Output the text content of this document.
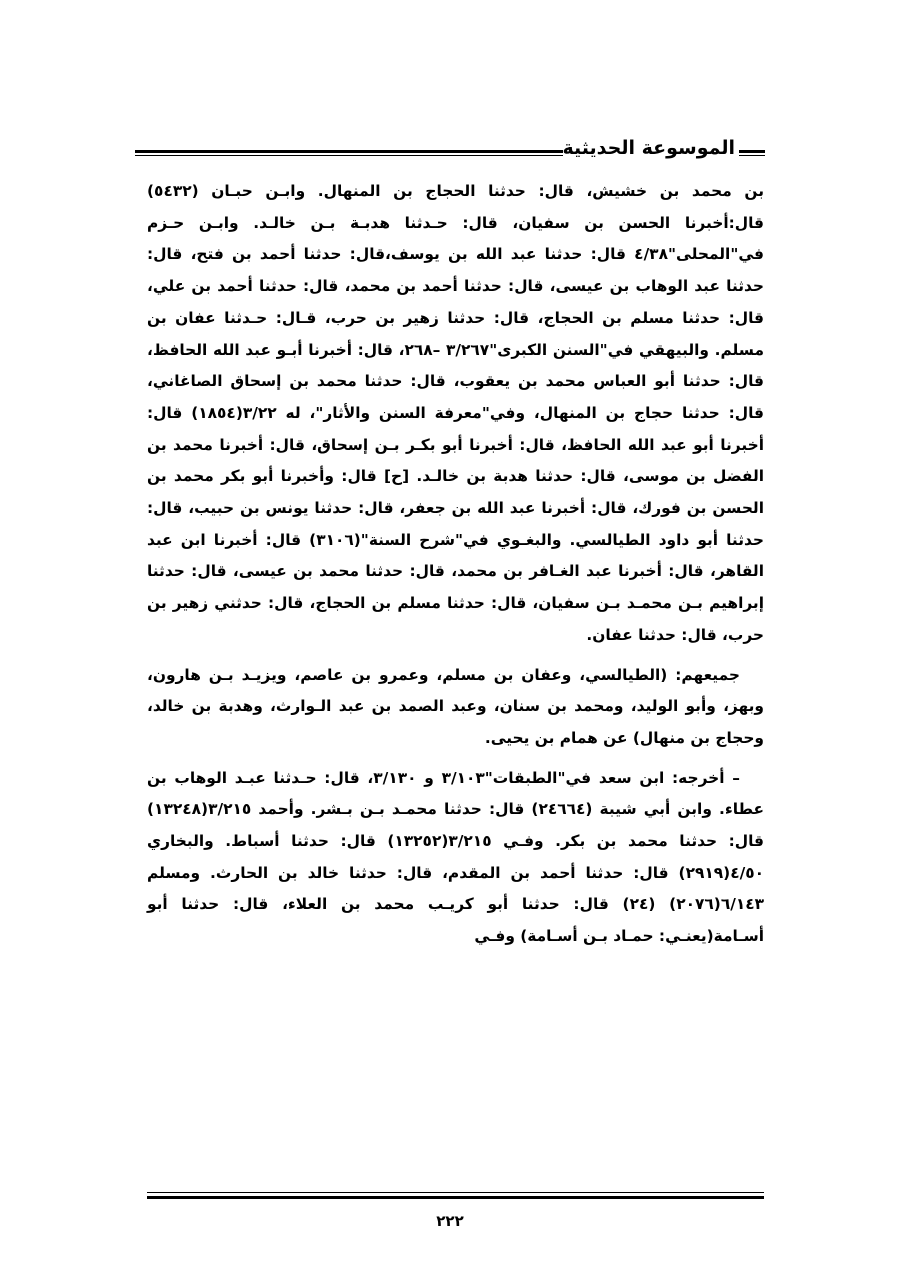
الموسوعة الحديثية

بن محمد بن خشيش، قال: حدثنا الحجاج بن المنهال. وابـن حبـان (٥٤٣٢) قال:أخبرنا الحسن بن سفيان، قال: حـدثنا هدبـة بـن خالـد. وابـن حـزم في"المحلى"٤/٣٨ قال: حدثنا عبد الله بن يوسف،قال: حدثنا أحمد بن فتح، قال: حدثنا عبد الوهاب بن عيسى، قال: حدثنا أحمد بن محمد، قال: حدثنا أحمد بن علي، قال: حدثنا مسلم بن الحجاج، قال: حدثنا زهير بن حرب، قـال: حـدثنا عفان بن مسلم. والبيهقي في"السنن الكبرى"٣/٢٦٧ –٢٦٨، قال: أخبرنا أبـو عبد الله الحافظ، قال: حدثنا أبو العباس محمد بن يعقوب، قال: حدثنا محمد بن إسحاق الصاغاني، قال: حدثنا حجاج بن المنهال، وفي"معرفة السنن والأثار"، له ٣/٢٢(١٨٥٤) قال: أخبرنا أبو عبد الله الحافظ، قال: أخبرنا أبو بكـر بـن إسحاق، قال: أخبرنا محمد بن الفضل بن موسى، قال: حدثنا هدبة بن خالـد. [ح] قال: وأخبرنا أبو بكر محمد بن الحسن بن فورك، قال: أخبرنا عبد الله بن جعفر، قال: حدثنا يونس بن حبيب، قال: حدثنا أبو داود الطيالسي. والبغـوي في"شرح السنة"(٣١٠٦) قال: أخبرنا ابن عبد القاهر، قال: أخبرنا عبد الغـافر بن محمد، قال: حدثنا محمد بن عيسى، قال: حدثنا إبراهيم بـن محمـد بـن سفيان، قال: حدثنا مسلم بن الحجاج، قال: حدثني زهير بن حرب، قال: حدثنا عفان.

جميعهم: (الطيالسي، وعفان بن مسلم، وعمرو بن عاصم، ويزيـد بـن هارون، وبهز، وأبو الوليد، ومحمد بن سنان، وعبد الصمد بن عبد الـوارث، وهدبة بن خالد، وحجاج بن منهال) عن همام بن يحيى.

– أخرجه: ابن سعد في"الطبقات"٣/١٠٣ و ٣/١٣٠، قال: حـدثنا عبـد الوهاب بن عطاء. وابن أبي شيبة (٢٤٦٦٤) قال: حدثنا محمـد بـن بـشر. وأحمد ٣/٢١٥(١٣٢٤٨) قال: حدثنا محمد بن بكر. وفـي ٣/٢١٥(١٣٢٥٢) قال: حدثنا أسباط. والبخاري ٤/٥٠(٢٩١٩) قال: حدثنا أحمد بن المقدم، قال: حدثنا خالد بن الحارث. ومسلم ٦/١٤٣(٢٠٧٦) (٢٤) قال: حدثنا أبو كريـب محمد بن العلاء، قال: حدثنا أبو أسـامة(يعنـي: حمـاد بـن أسـامة) وفـي

٢٢٢
